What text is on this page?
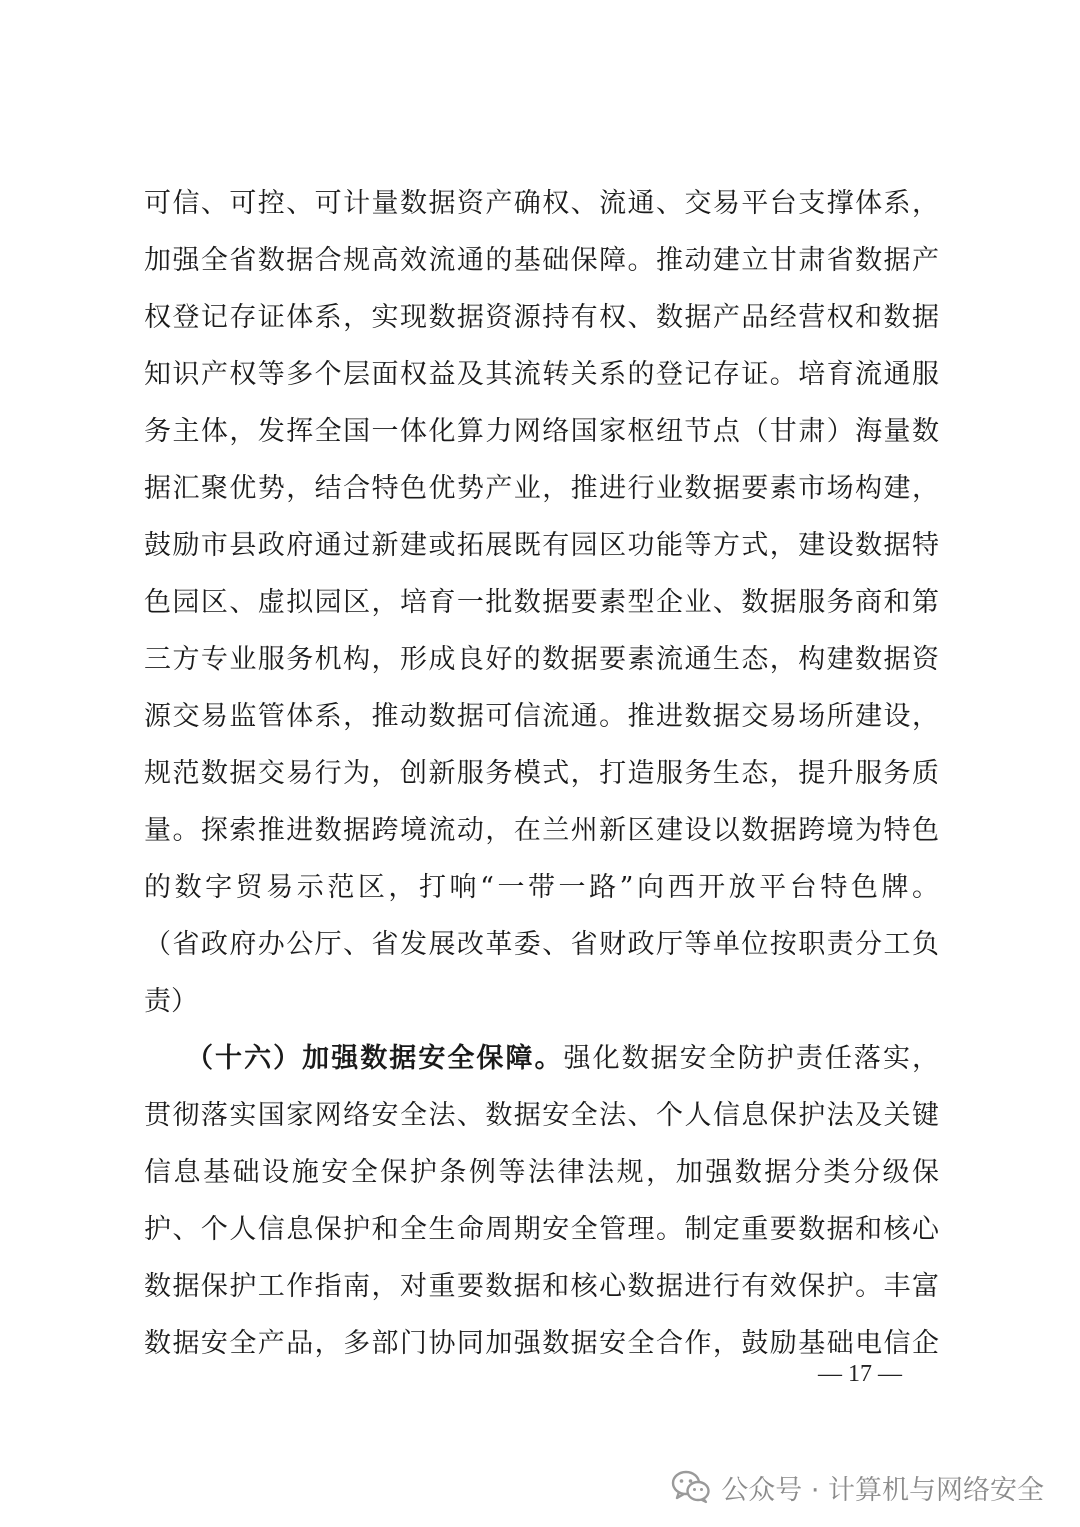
可信、可控、可计量数据资产确权、流通、交易平台支撑体系，
加强全省数据合规高效流通的基础保障。推动建立甘肃省数据产
权登记存证体系，实现数据资源持有权、数据产品经营权和数据
知识产权等多个层面权益及其流转关系的登记存证。培育流通服
务主体，发挥全国一体化算力网络国家枢纽节点（甘肃）海量数
据汇聚优势，结合特色优势产业，推进行业数据要素市场构建，
鼓励市县政府通过新建或拓展既有园区功能等方式，建设数据特
色园区、虚拟园区，培育一批数据要素型企业、数据服务商和第
三方专业服务机构，形成良好的数据要素流通生态，构建数据资
源交易监管体系，推动数据可信流通。推进数据交易场所建设，
规范数据交易行为，创新服务模式，打造服务生态，提升服务质
量。探索推进数据跨境流动，在兰州新区建设以数据跨境为特色
的数字贸易示范区，打响“一带一路”向西开放平台特色牌。
（省政府办公厅、省发展改革委、省财政厅等单位按职责分工负
责）
（十六）加强数据安全保障。强化数据安全防护责任落实，
贯彻落实国家网络安全法、数据安全法、个人信息保护法及关键
信息基础设施安全保护条例等法律法规，加强数据分类分级保
护、个人信息保护和全生命周期安全管理。制定重要数据和核心
数据保护工作指南，对重要数据和核心数据进行有效保护。丰富
数据安全产品，多部门协同加强数据安全合作，鼓励基础电信企
— 17 —
公众号 · 计算机与网络安全
